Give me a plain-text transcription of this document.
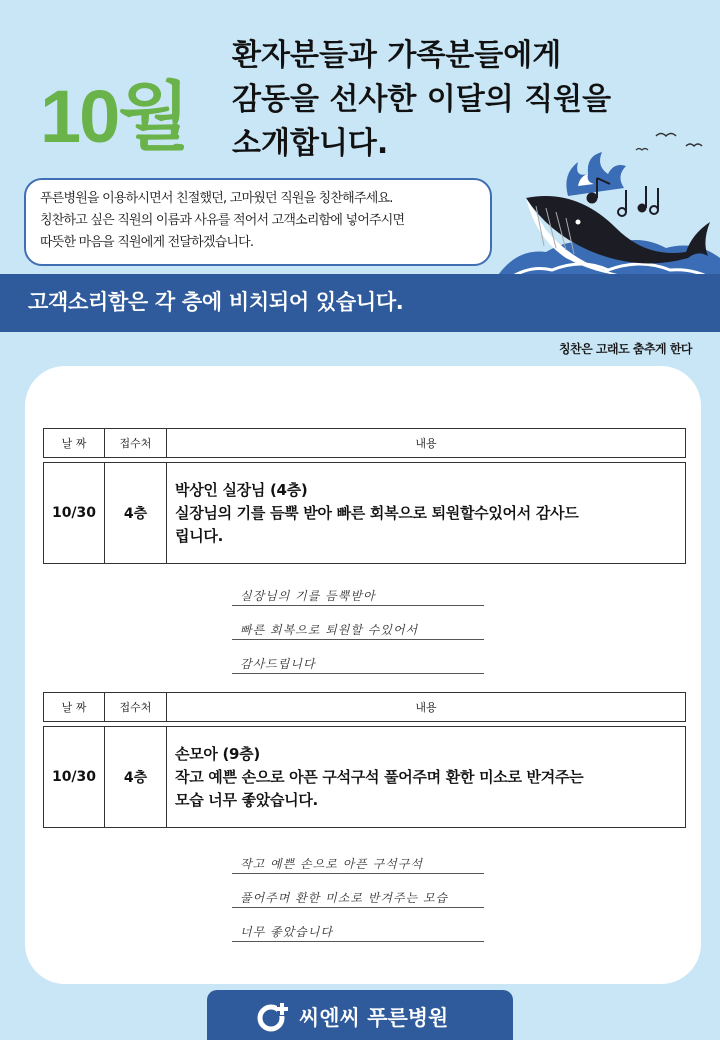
10월
환자분들과 가족분들에게
감동을 선사한 이달의 직원을
소개합니다.
푸른병원을 이용하시면서 친절했던, 고마웠던 직원을 칭찬해주세요.
칭찬하고 싶은 직원의 이름과 사유를 적어서 고객소리함에 넣어주시면
따뜻한 마음을 직원에게 전달하겠습니다.
고객소리함은 각 층에 비치되어 있습니다.
칭찬은 고래도 춤추게 한다
날 짜	접수처	내용

10/30	4층	박상인 실장님 (4층)
실장님의 기를 듬뿍 받아 빠른 회복으로 퇴원할수있어서 감사드
립니다.
실장님의 기를 듬뿍받아
빠른 회복으로 퇴원할 수있어서
감사드립니다
날 짜	접수처	내용

10/30	4층	손모아 (9층)
작고 예쁜 손으로 아픈 구석구석 풀어주며 환한 미소로 반겨주는
모습 너무 좋았습니다.
작고 예쁜 손으로 아픈 구석구석
풀어주며 환한 미소로 반겨주는 모습
너무 좋았습니다
씨엔씨 푸른병원
